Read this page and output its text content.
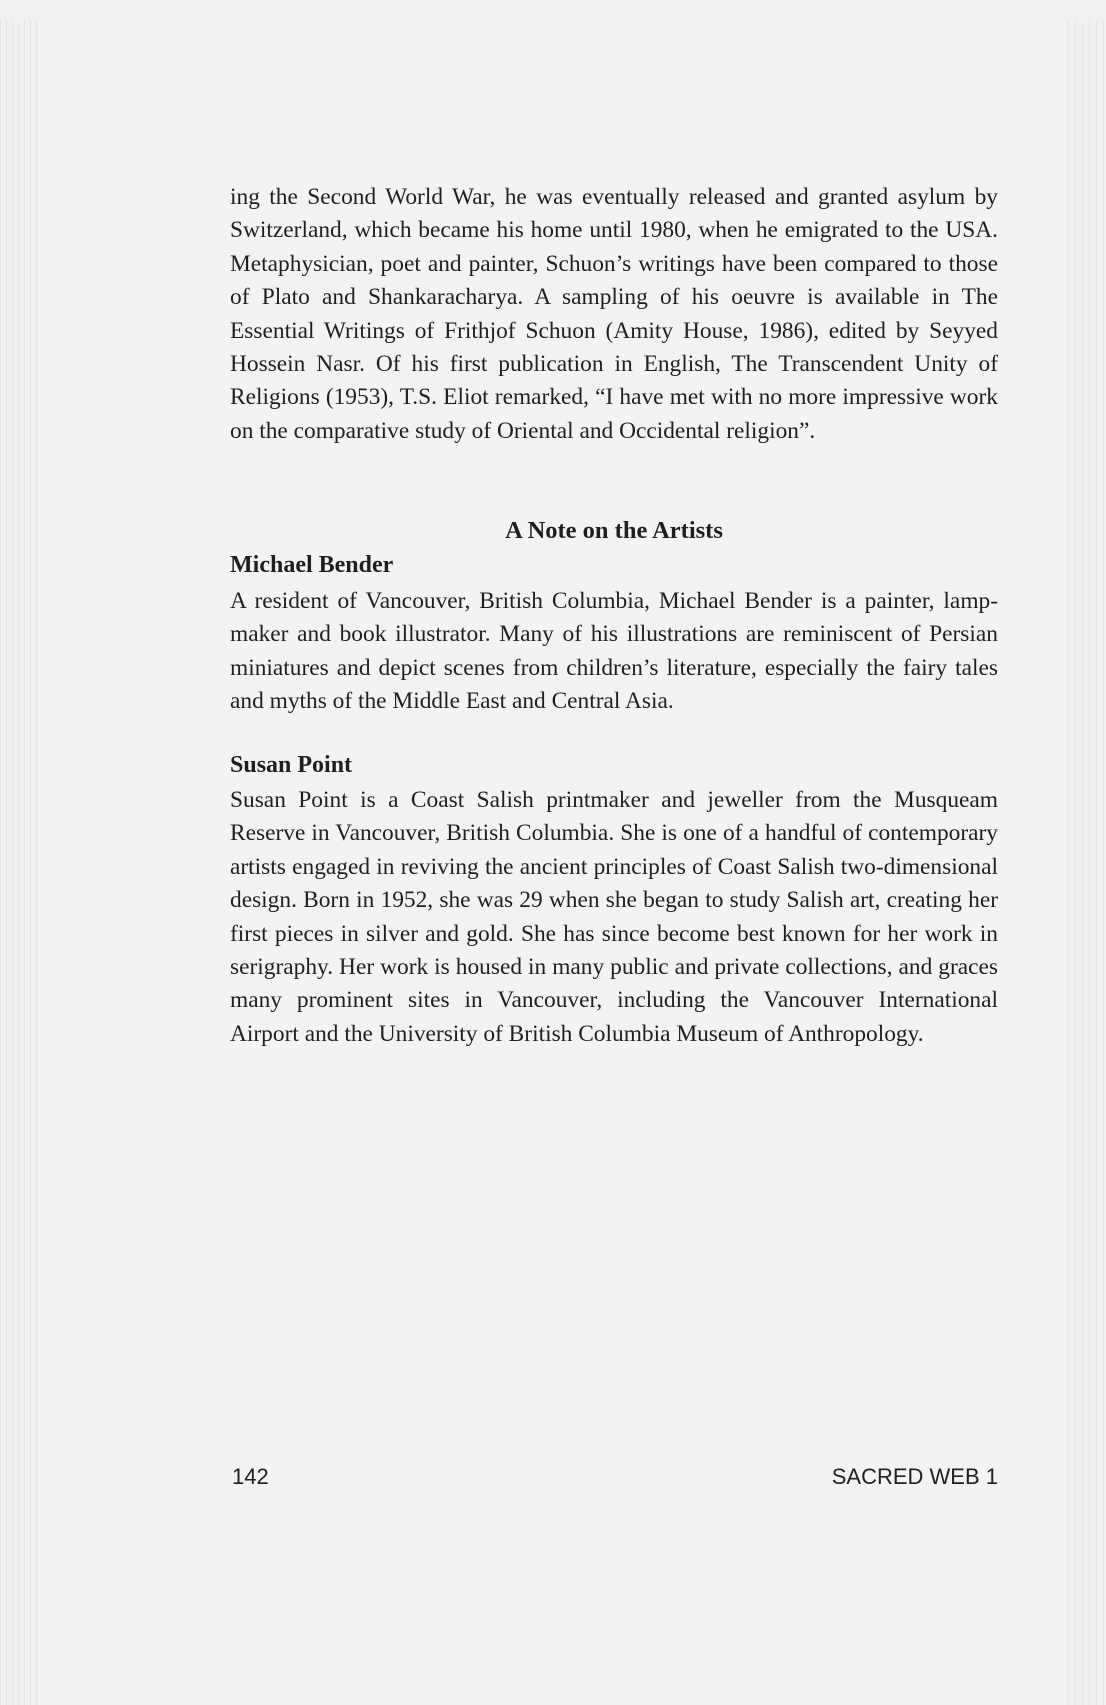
ing the Second World War, he was eventually released and granted asylum by Switzerland, which became his home until 1980, when he emigrated to the USA. Metaphysician, poet and painter, Schuon’s writings have been compared to those of Plato and Shankaracharya. A sampling of his oeuvre is available in The Essential Writings of Frithjof Schuon (Amity House, 1986), edited by Seyyed Hossein Nasr. Of his first publication in English, The Transcendent Unity of Religions (1953), T.S. Eliot remarked, “I have met with no more impressive work on the comparative study of Oriental and Occidental religion”.

A Note on the Artists
Michael Bender

A resident of Vancouver, British Columbia, Michael Bender is a painter, lamp-maker and book illustrator. Many of his illustrations are reminiscent of Persian miniatures and depict scenes from children’s literature, especially the fairy tales and myths of the Middle East and Central Asia.

Susan Point

Susan Point is a Coast Salish printmaker and jeweller from the Musqueam Reserve in Vancouver, British Columbia. She is one of a handful of contemporary artists engaged in reviving the ancient principles of Coast Salish two-dimensional design. Born in 1952, she was 29 when she began to study Salish art, creating her first pieces in silver and gold. She has since become best known for her work in serigraphy. Her work is housed in many public and private collections, and graces many prominent sites in Vancouver, including the Vancouver International Airport and the University of British Columbia Museum of Anthropology.

142	SACRED WEB 1
